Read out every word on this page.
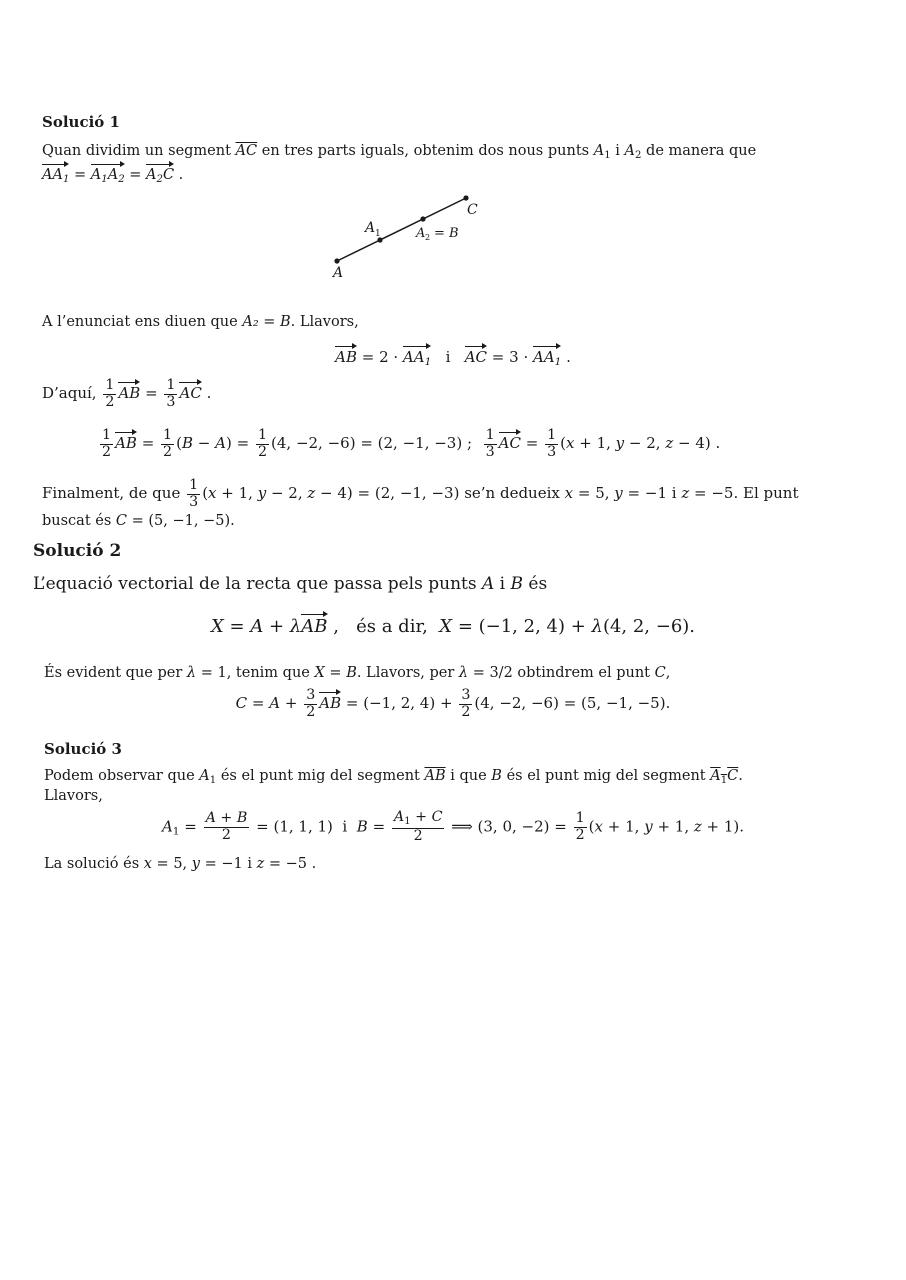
Solució 1
Quan dividim un segment $\overline{AC}$ en tres parts iguals, obtenim dos nous punts $A_1$ i $A_2$ de manera que
$AA_1 = A_1A_2 = A_2C$ .
A
A 1	A 2 = B
C
A l’enunciat ens diuen que A₂ = B. Llavors,
AB = $2 \cdot AA_1$ i AC = $3 \cdot AA_1$ .
D’aquí, $\frac{1}{2}$ AB = $\frac{1}{3}$ AC .
$\frac{1}{2}$ AB = $\frac{1}{2} (B - A) = \frac{1}{2} (4$, −2, −6) = (2, −1, −3) ; $\frac{1}{3}$ AC = $\frac{1}{3} (x + 1$, y − 2, z − 4) .
Finalment, de que $\frac{1}{3} (x + 1$, y − 2, z − 4) = (2, −1, −3) se’n dedueix x = 5, y = −1 i z = −5. El punt
buscat és C = (5, −1, −5).
Solució 2
L’equació vectorial de la recta que passa pels punts A i B és
X = A + λAB ,   és a dir, X = (−1, 2, 4) + λ(4, 2, −6).
És evident que per λ = 1, tenim que X = B. Llavors, per λ = 3/2 obtindrem el punt C,
$C = A + \frac{3}{2}$ AB = (−1, 2, $4) + \frac{3}{2} (4$, −2, −6) = (5, −1, −5).
Solució 3
Podem observar que $A_1$ és el punt mig del segment $\overline{AB}$ i que B és el punt mig del segment $A_1C$.
Llavors,
$A_1 = \frac{A + B}{2} = (1$, 1, 1)  i $B = \frac{A_1 + C}{2}$ ⟹ (3, 0, $-2) = \frac{1}{2} (x + 1$, y + 1, z + 1).
La solució és x = 5, y = −1 i z = −5 .
